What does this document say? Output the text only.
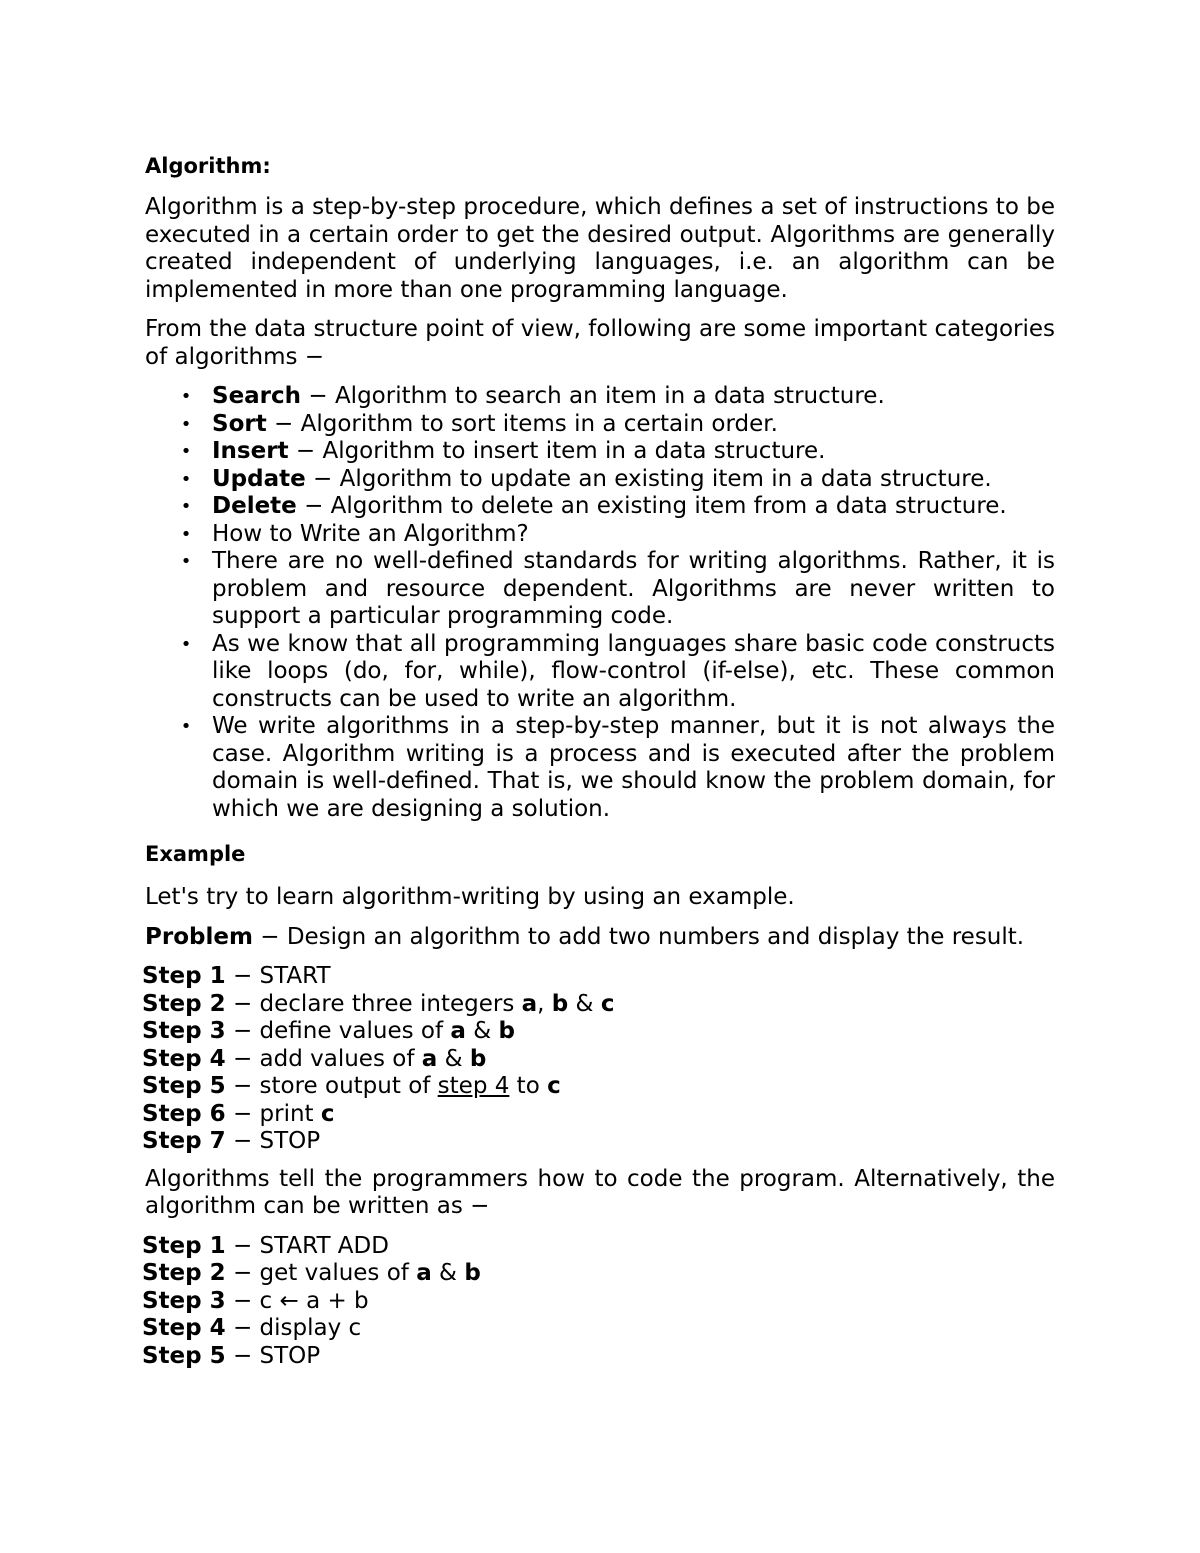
Algorithm:

Algorithm is a step-by-step procedure, which defines a set of instructions to be executed in a certain order to get the desired output. Algorithms are generally created independent of underlying languages, i.e. an algorithm can be implemented in more than one programming language.

From the data structure point of view, following are some important categories of algorithms −

• Search − Algorithm to search an item in a data structure.
• Sort − Algorithm to sort items in a certain order.
• Insert − Algorithm to insert item in a data structure.
• Update − Algorithm to update an existing item in a data structure.
• Delete − Algorithm to delete an existing item from a data structure.
• How to Write an Algorithm?
• There are no well-defined standards for writing algorithms. Rather, it is problem and resource dependent. Algorithms are never written to support a particular programming code.
• As we know that all programming languages share basic code constructs like loops (do, for, while), flow-control (if-else), etc. These common constructs can be used to write an algorithm.
• We write algorithms in a step-by-step manner, but it is not always the case. Algorithm writing is a process and is executed after the problem domain is well-defined. That is, we should know the problem domain, for which we are designing a solution.
Example

Let's try to learn algorithm-writing by using an example.

Problem − Design an algorithm to add two numbers and display the result.

Step 1 − START
Step 2 − declare three integers a, b & c
Step 3 − define values of a & b
Step 4 − add values of a & b
Step 5 − store output of step 4 to c
Step 6 − print c
Step 7 − STOP

Algorithms tell the programmers how to code the program. Alternatively, the algorithm can be written as −

Step 1 − START ADD
Step 2 − get values of a & b
Step 3 − c ← a + b
Step 4 − display c
Step 5 − STOP
